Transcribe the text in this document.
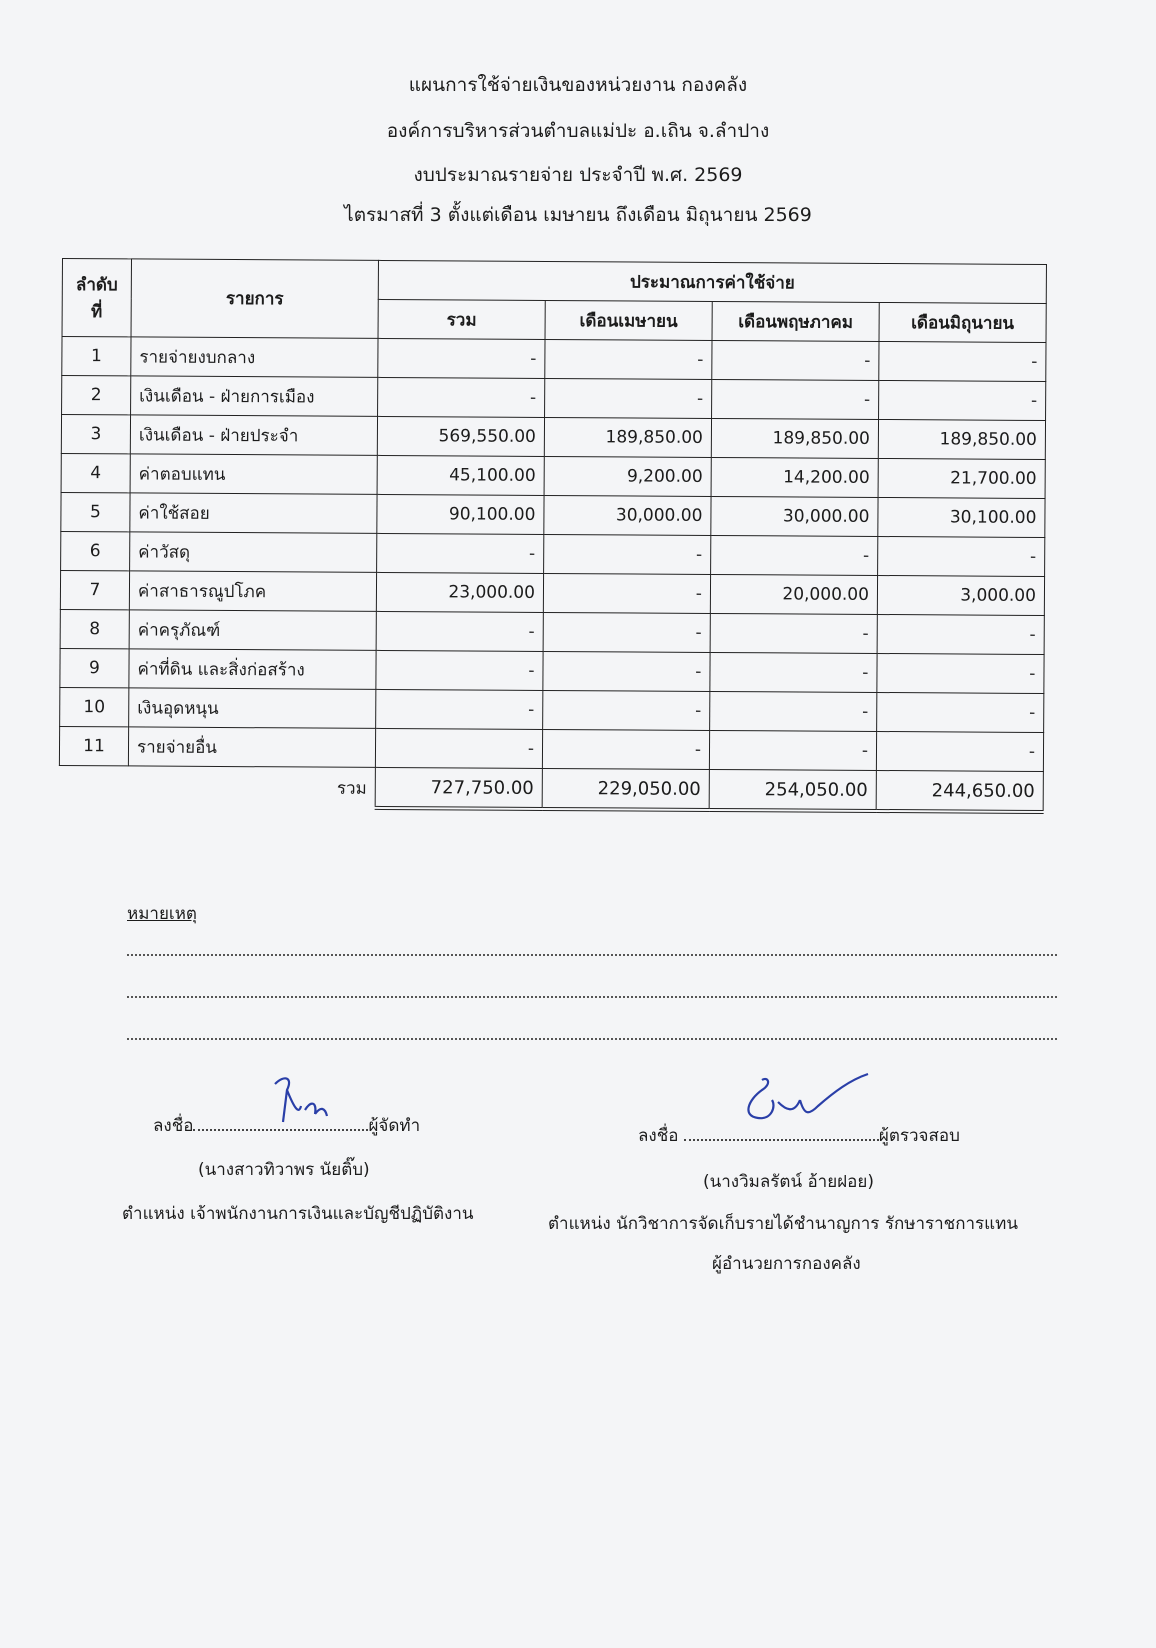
แผนการใช้จ่ายเงินของหน่วยงาน กองคลัง
องค์การบริหารส่วนตำบลแม่ปะ อ.เถิน จ.ลำปาง
งบประมาณรายจ่าย ประจำปี พ.ศ. 2569
ไตรมาสที่ 3 ตั้งแต่เดือน เมษายน ถึงเดือน มิถุนายน 2569
ลำดับที่	รายการ	ประมาณการค่าใช้จ่าย			
		รวม	เดือนเมษายน	เดือนพฤษภาคม	เดือนมิถุนายน
1	รายจ่ายงบกลาง	-	-	-	-
2	เงินเดือน - ฝ่ายการเมือง	-	-	-	-
3	เงินเดือน - ฝ่ายประจำ	569,550.00	189,850.00	189,850.00	189,850.00
4	ค่าตอบแทน	45,100.00	9,200.00	14,200.00	21,700.00
5	ค่าใช้สอย	90,100.00	30,000.00	30,000.00	30,100.00
6	ค่าวัสดุ	-	-	-	-
7	ค่าสาธารณูปโภค	23,000.00	-	20,000.00	3,000.00
8	ค่าครุภัณฑ์	-	-	-	-
9	ค่าที่ดิน และสิ่งก่อสร้าง	-	-	-	-
10	เงินอุดหนุน	-	-	-	-
11	รายจ่ายอื่น	-	-	-	-
	รวม	727,750.00	229,050.00	254,050.00	244,650.00
หมายเหตุ
ลงชื่อ	ผู้จัดทำ
(นางสาวทิวาพร นัยติ๊บ)
ตำแหน่ง เจ้าพนักงานการเงินและบัญชีปฏิบัติงาน
ลงชื่อ	ผู้ตรวจสอบ
(นางวิมลรัตน์ อ้ายฝอย)
ตำแหน่ง นักวิชาการจัดเก็บรายได้ชำนาญการ รักษาราชการแทน
ผู้อำนวยการกองคลัง
